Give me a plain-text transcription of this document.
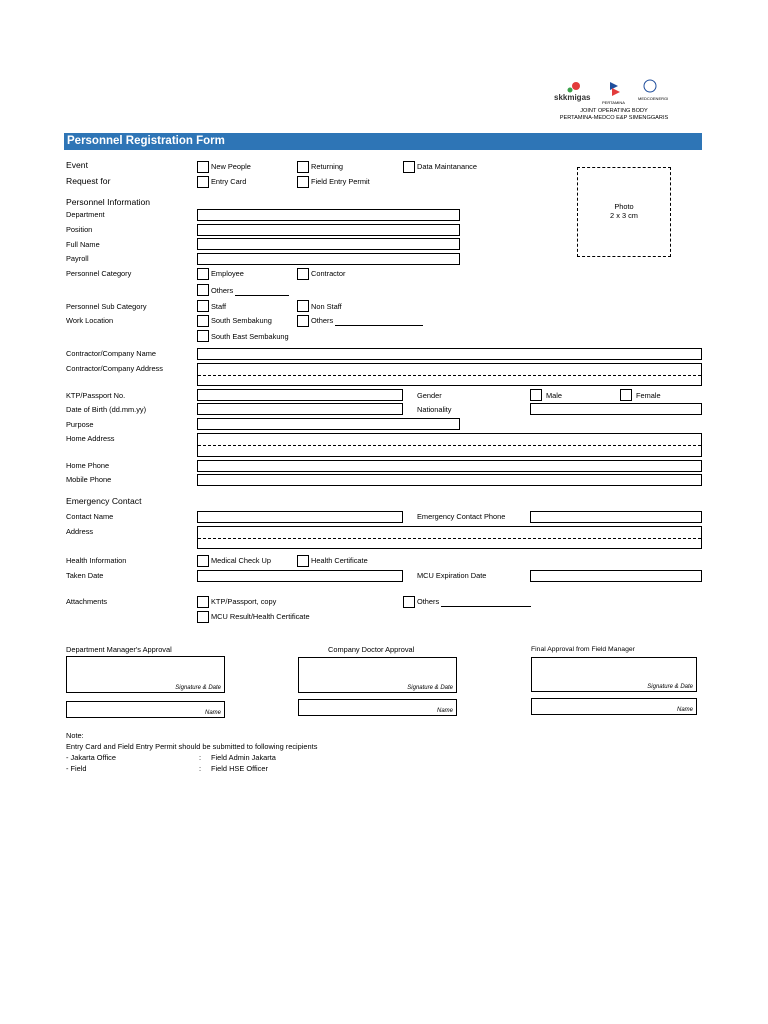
skkmigas
PERTAMINA
MEDCOENERGI
JOINT OPERATING BODY
PERTAMINA-MEDCO E&P SIMENGGARIS
Personnel Registration Form
Event	New People	Returning	Data Maintanance
Request for	Entry Card	Field Entry Permit
Photo
2 x 3 cm
Personnel Information
Department
Position
Full Name
Payroll
Personnel Category	Employee	Contractor
Others
Personnel Sub Category	Staff	Non Staff
Work Location	South Sembakung	Others
South East Sembakung
Contractor/Company Name
Contractor/Company Address
KTP/Passport No.	Gender	Male	Female
Date of Birth (dd.mm.yy)	Nationality
Purpose
Home Address
Home Phone
Mobile Phone
Emergency Contact
Contact Name	Emergency Contact Phone
Address
Health Information	Medical Check Up	Health Certificate
Taken Date	MCU Expiration Date
Attachments	KTP/Passport, copy	Others
MCU Result/Health Certificate
Department Manager's Approval	Company Doctor Approval	Final Approval from Field Manager
Signature & Date	Signature & Date	Signature & Date
Name	Name	Name
Note:
Entry Card and Field Entry Permit should be submitted to following recipients
- Jakarta Office	: Field Admin Jakarta
- Field	: Field HSE Officer
